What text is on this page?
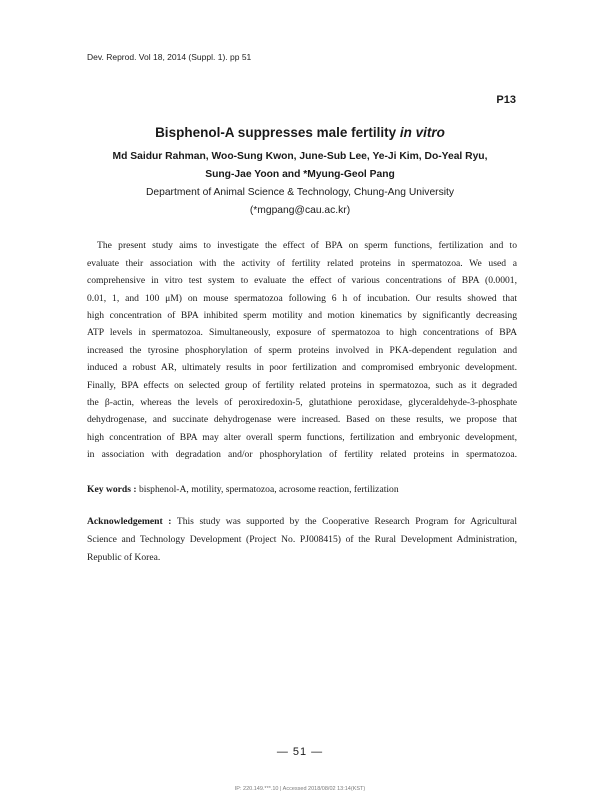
Dev. Reprod. Vol 18, 2014 (Suppl. 1). pp 51
P13
Bisphenol-A suppresses male fertility in vitro
Md Saidur Rahman, Woo-Sung Kwon, June-Sub Lee, Ye-Ji Kim, Do-Yeal Ryu,
Sung-Jae Yoon and *Myung-Geol Pang
Department of Animal Science & Technology, Chung-Ang University
(*mgpang@cau.ac.kr)
The present study aims to investigate the effect of BPA on sperm functions, fertilization and to
evaluate their association with the activity of fertility related proteins in spermatozoa. We used a
comprehensive in vitro test system to evaluate the effect of various concentrations of BPA (0.0001,
0.01, 1, and 100 μM) on mouse spermatozoa following 6 h of incubation. Our results showed that
high concentration of BPA inhibited sperm motility and motion kinematics by significantly decreasing
ATP levels in spermatozoa. Simultaneously, exposure of spermatozoa to high concentrations of BPA
increased the tyrosine phosphorylation of sperm proteins involved in PKA-dependent regulation and
induced a robust AR, ultimately results in poor fertilization and compromised embryonic development.
Finally, BPA effects on selected group of fertility related proteins in spermatozoa, such as it degraded
the β-actin, whereas the levels of peroxiredoxin-5, glutathione peroxidase, glyceraldehyde-3-phosphate
dehydrogenase, and succinate dehydrogenase were increased. Based on these results, we propose that
high concentration of BPA may alter overall sperm functions, fertilization and embryonic development,
in association with degradation and/or phosphorylation of fertility related proteins in spermatozoa.
Key words : bisphenol-A, motility, spermatozoa, acrosome reaction, fertilization
Acknowledgement : This study was supported by the Cooperative Research Program for Agricultural
Science and Technology Development (Project No. PJ008415) of the Rural Development Administration,
Republic of Korea.
— 51 —
IP: 220.149.***.10 | Accessed 2018/08/02 13:14(KST)
